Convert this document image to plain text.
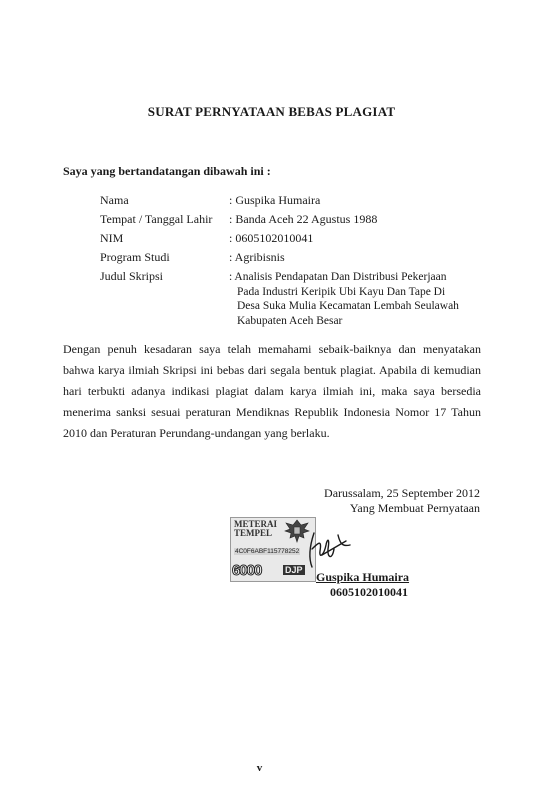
SURAT PERNYATAAN BEBAS PLAGIAT
Saya yang bertandatangan dibawah ini :
Nama	: Guspika Humaira
Tempat / Tanggal Lahir : Banda Aceh 22 Agustus 1988
NIM	: 0605102010041
Program Studi	: Agribisnis
Judul Skripsi	: Analisis Pendapatan Dan Distribusi Pekerjaan
Pada Industri Keripik Ubi Kayu Dan Tape Di
Desa Suka Mulia Kecamatan Lembah Seulawah
Kabupaten Aceh Besar

Dengan penuh kesadaran saya telah memahami sebaik-baiknya dan menyatakan bahwa karya ilmiah Skripsi ini bebas dari segala bentuk plagiat. Apabila di kemudian hari terbukti adanya indikasi plagiat dalam karya ilmiah ini, maka saya bersedia menerima sanksi sesuai peraturan Mendiknas Republik Indonesia Nomor 17 Tahun 2010 dan Peraturan Perundang-undangan yang berlaku.

Darussalam, 25 September 2012
Yang Membuat Pernyataan
METERAI
TEMPEL
4C0F6ABF115778252
6000	DJP Guspika Humaira
0605102010041
v
